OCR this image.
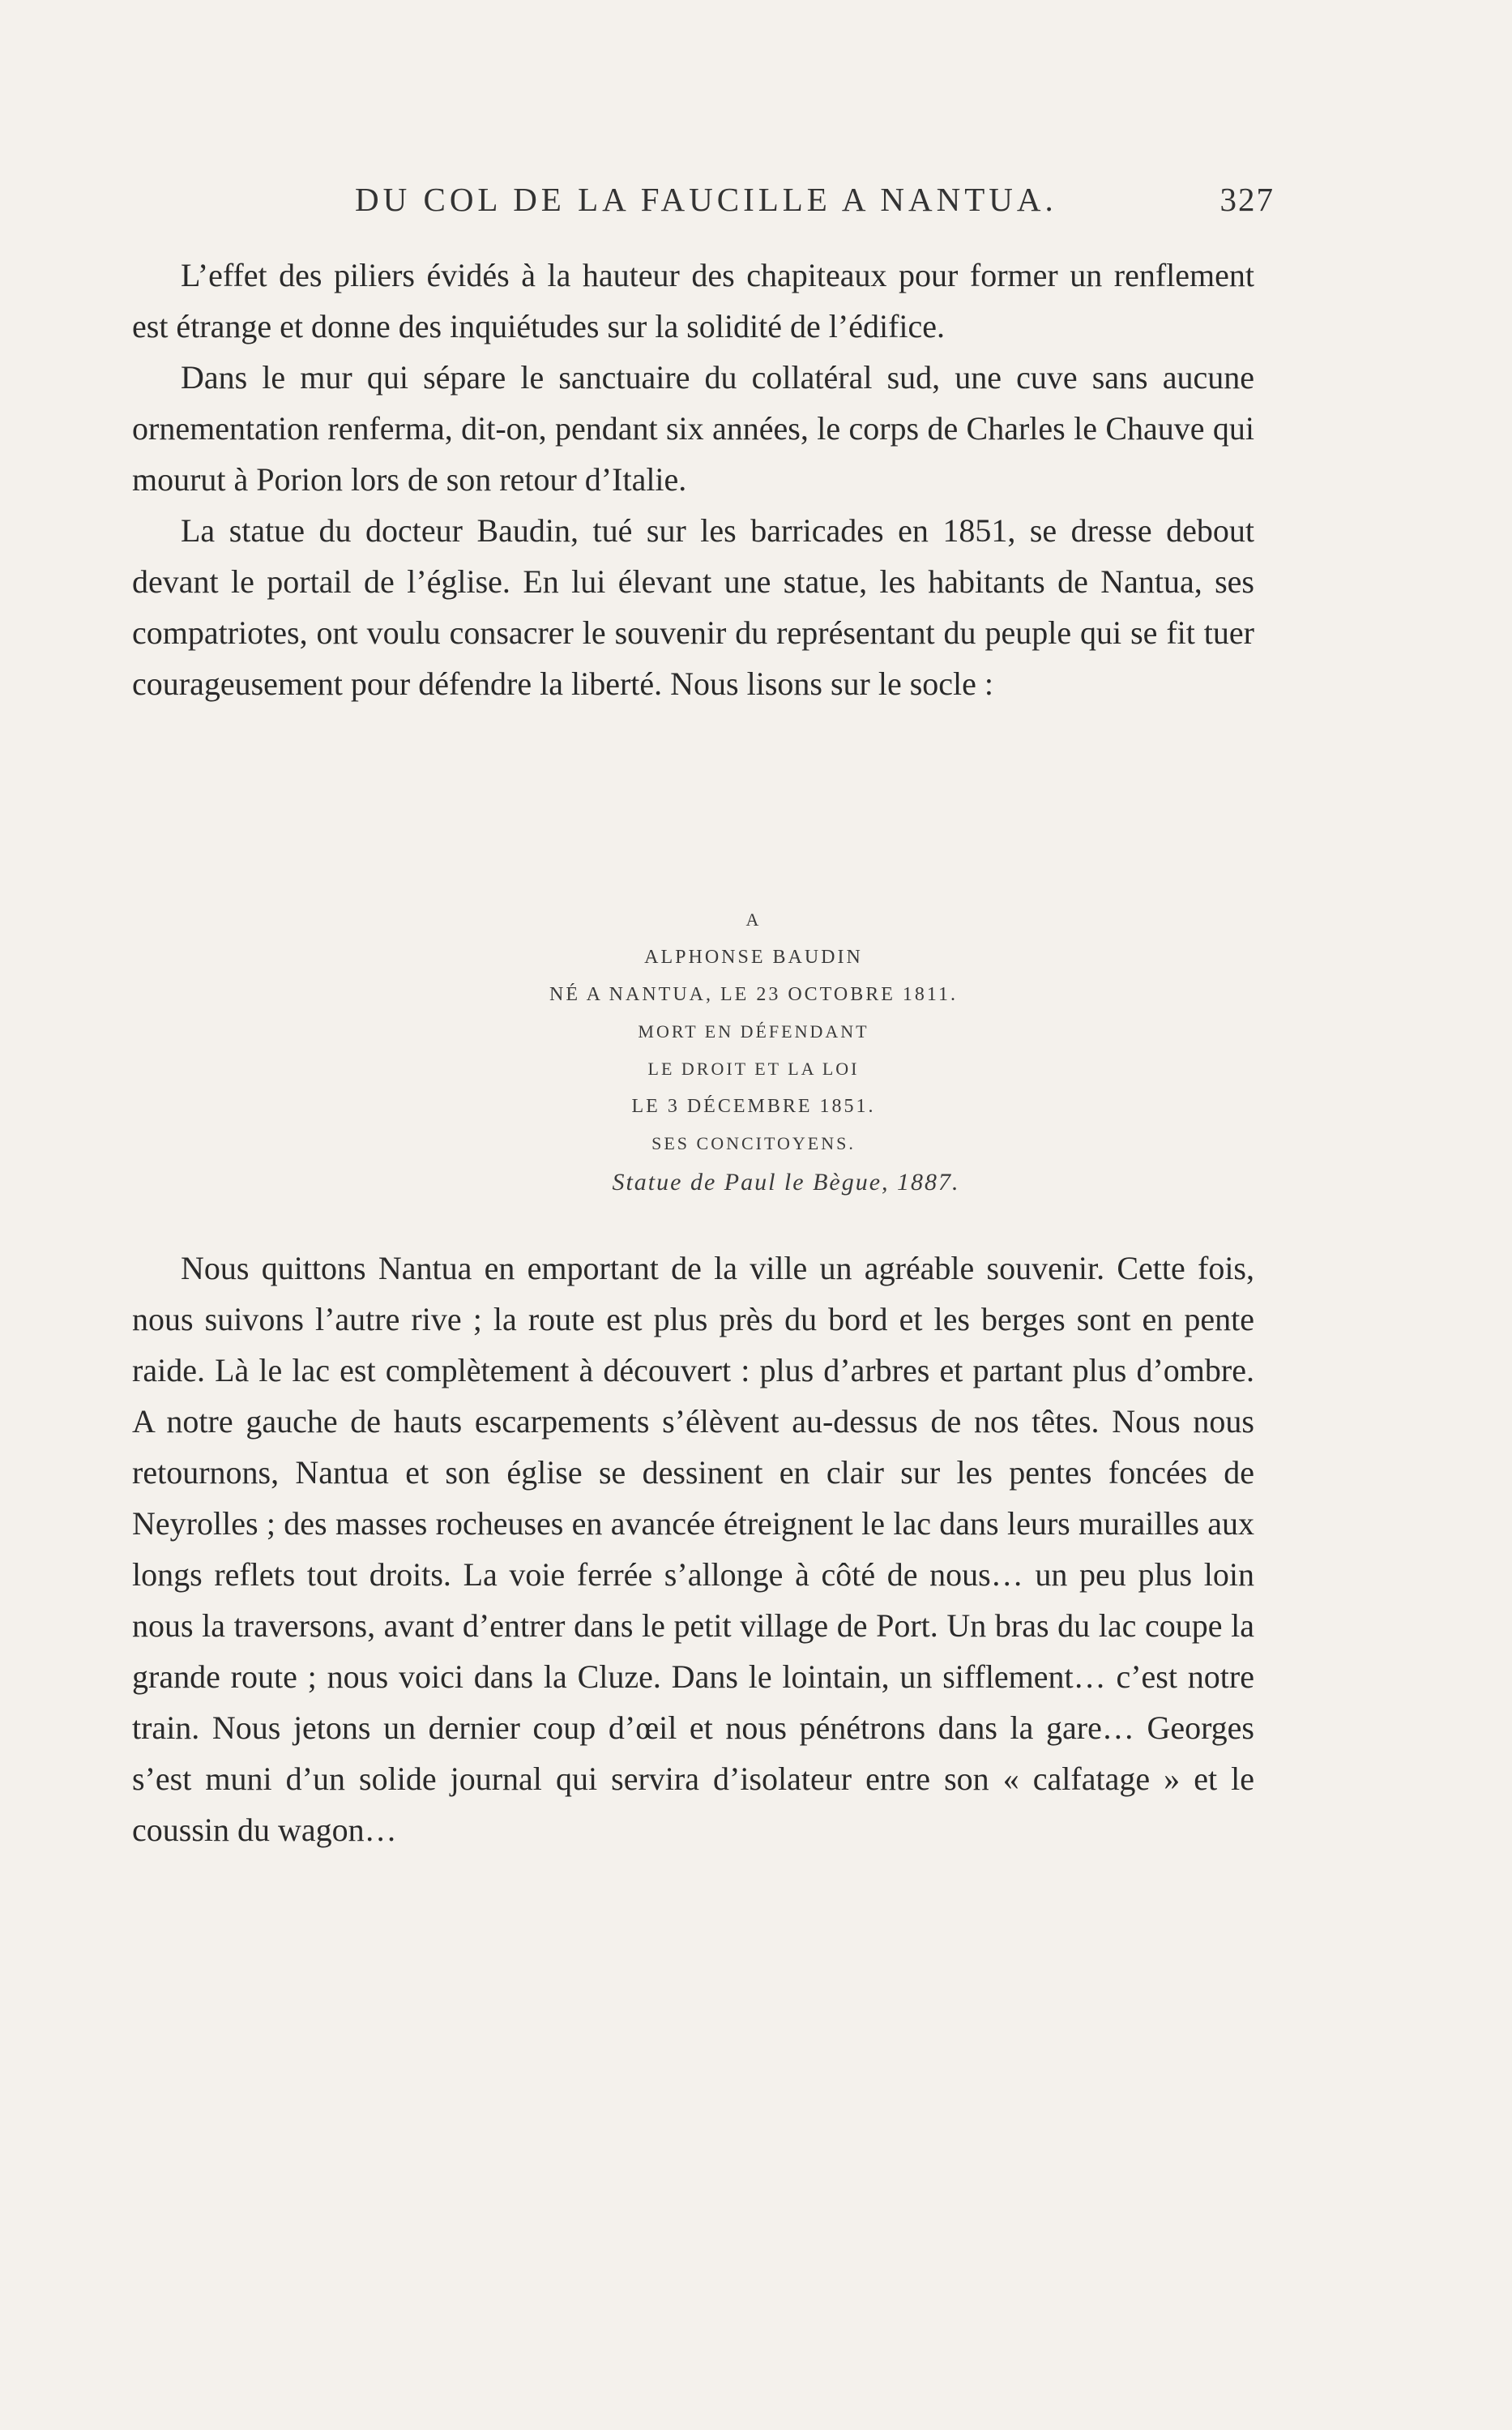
DU COL DE LA FAUCILLE A NANTUA.	327

L’effet des piliers évidés à la hauteur des chapiteaux pour former un renflement est étrange et donne des inquiétudes sur la solidité de l’édifice.

Dans le mur qui sépare le sanctuaire du collatéral sud, une cuve sans aucune ornementation renferma, dit-on, pendant six années, le corps de Charles le Chauve qui mourut à Porion lors de son retour d’Italie.

La statue du docteur Baudin, tué sur les barricades en 1851, se dresse debout devant le portail de l’église. En lui élevant une statue, les habitants de Nantua, ses compatriotes, ont voulu consacrer le souvenir du représentant du peuple qui se fit tuer courageusement pour défendre la liberté. Nous lisons sur le socle :

A
ALPHONSE BAUDIN
NÉ A NANTUA, LE 23 OCTOBRE 1811.
MORT EN DÉFENDANT
LE DROIT ET LA LOI
LE 3 DÉCEMBRE 1851.
SES CONCITOYENS.
Statue de Paul le Bègue, 1887.

Nous quittons Nantua en emportant de la ville un agréable souvenir. Cette fois, nous suivons l’autre rive ; la route est plus près du bord et les berges sont en pente raide. Là le lac est complètement à découvert : plus d’arbres et partant plus d’ombre. A notre gauche de hauts escarpements s’élèvent au-dessus de nos têtes. Nous nous retournons, Nantua et son église se dessinent en clair sur les pentes foncées de Neyrolles ; des masses rocheuses en avancée étreignent le lac dans leurs murailles aux longs reflets tout droits. La voie ferrée s’allonge à côté de nous… un peu plus loin nous la traversons, avant d’entrer dans le petit village de Port. Un bras du lac coupe la grande route ; nous voici dans la Cluze. Dans le lointain, un sifflement… c’est notre train. Nous jetons un dernier coup d’œil et nous pénétrons dans la gare… Georges s’est muni d’un solide journal qui servira d’isolateur entre son « calfatage » et le coussin du wagon…
